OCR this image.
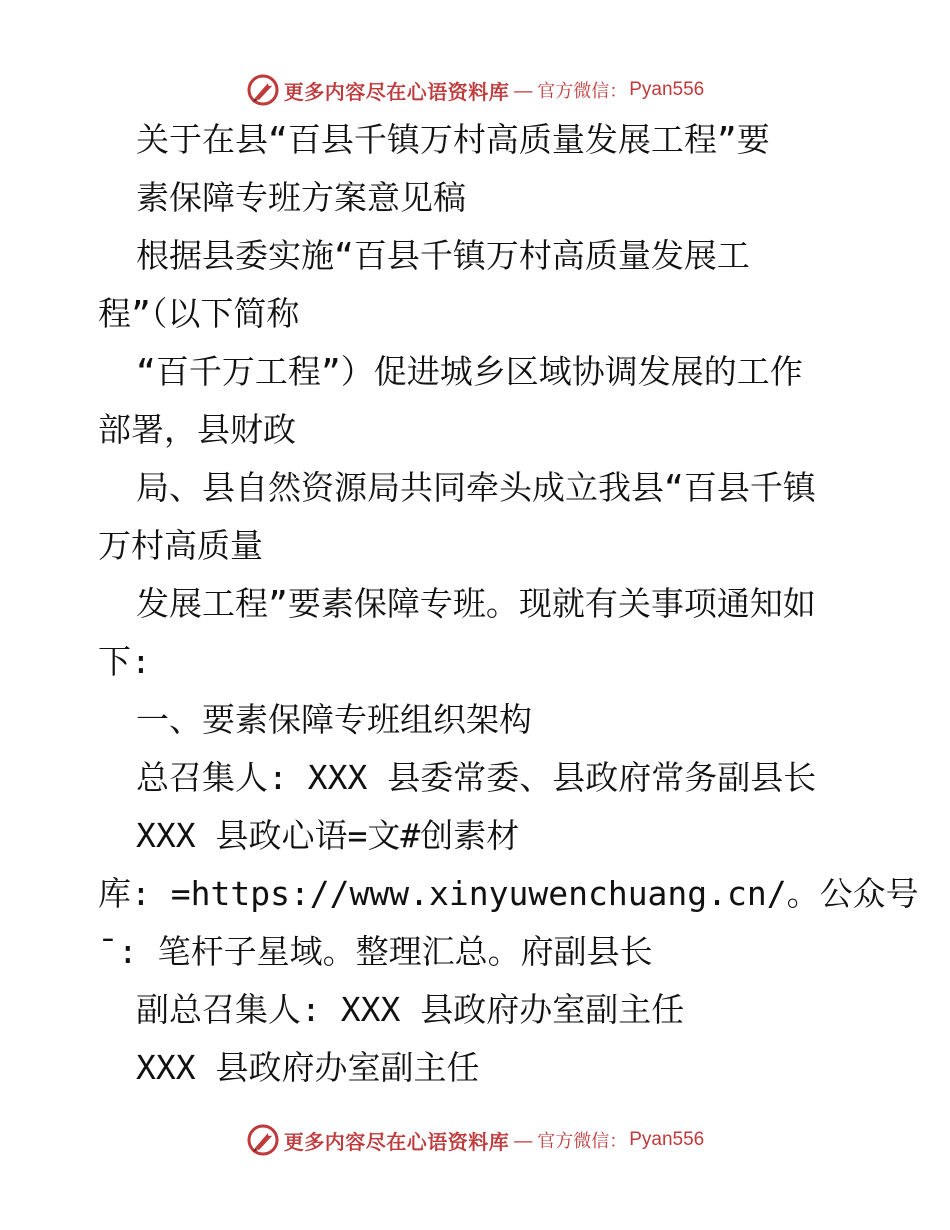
更多内容尽在心语资料库 — 官方微信： Pyan556
关于在县“百县千镇万村高质量发展工程”要
素保障专班方案意见稿
根据县委实施“百县千镇万村高质量发展工
程”（以下简称
“百千万工程”）促进城乡区域协调发展的工作
部署，县财政
局、县自然资源局共同牵头成立我县“百县千镇
万村高质量
发展工程”要素保障专班。现就有关事项通知如
下:
一、要素保障专班组织架构
总召集人: XXX 县委常委、县政府常务副县长
XXX 县政心语=文#创素材
库: =https://www.xinyuwenchuang.cn/。公众号
¯: 笔杆子星域。整理汇总。府副县长
副总召集人: XXX 县政府办室副主任
XXX 县政府办室副主任
更多内容尽在心语资料库 — 官方微信： Pyan556
